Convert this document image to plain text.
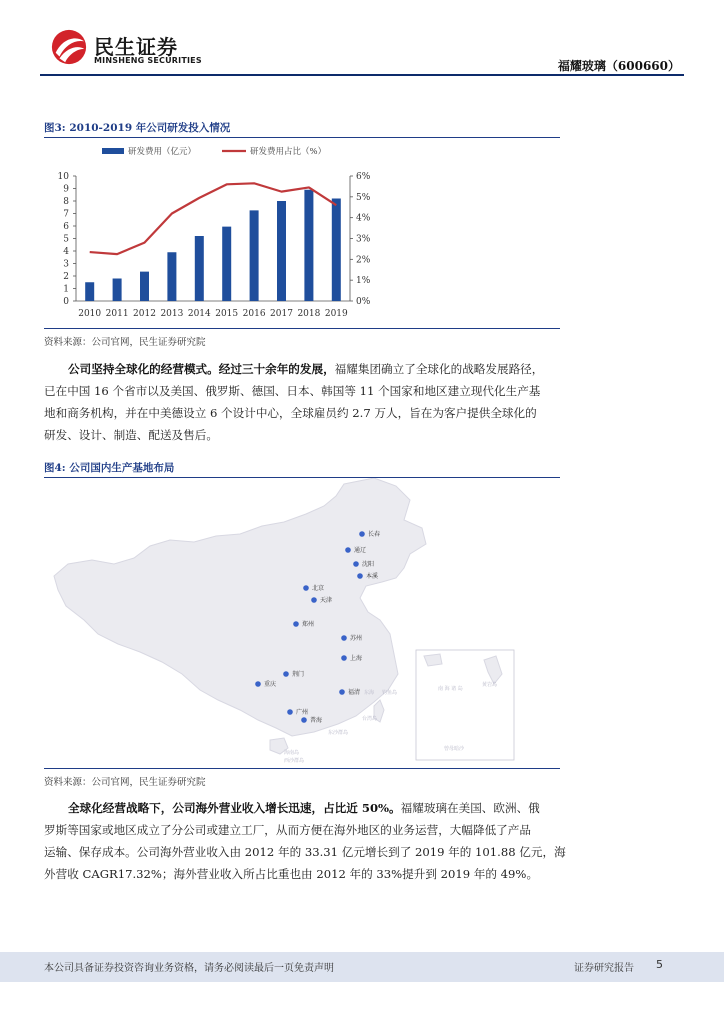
民生证券
MINSHENG SECURITIES	福耀玻璃（600660）
图3: 2010-2019 年公司研发投入情况
研发费用（亿元）	研发费用占比（%）
0
1
2
3
4
5
6
7
8
9
10
0%
1%
2%
3%
4%
5%
6%
2010 2011 2012 2013 2014 2015 2016 2017 2018 2019
资料来源：公司官网，民生证券研究院
公司坚持全球化的经营模式。经过三十余年的发展，福耀集团确立了全球化的战略发展路径，
已在中国 16 个省市以及美国、俄罗斯、德国、日本、韩国等 11 个国家和地区建立现代化生产基
地和商务机构，并在中美德设立 6 个设计中心，全球雇员约 2.7 万人，旨在为客户提供全球化的
研发、设计、制造、配送及售后。
图4: 公司国内生产基地布局
南 海 诸 岛
黄岩岛
曾母暗沙
东海 钓鱼岛
台湾岛
东沙群岛
海南岛
西沙群岛
长春
通辽
沈阳
本溪
北京
天津
郑州
苏州
上海
荆门
重庆
福清
广州
普海
资料来源：公司官网，民生证券研究院
全球化经营战略下，公司海外营业收入增长迅速，占比近 50%。福耀玻璃在美国、欧洲、俄
罗斯等国家或地区成立了分公司或建立工厂，从而方便在海外地区的业务运营，大幅降低了产品
运输、保存成本。公司海外营业收入由 2012 年的 33.31 亿元增长到了 2019 年的 101.88 亿元，海
外营收 CAGR17.32%；海外营业收入所占比重也由 2012 年的 33%提升到 2019 年的 49%。
本公司具备证券投资咨询业务资格，请务必阅读最后一页免责声明	证券研究报告 5
